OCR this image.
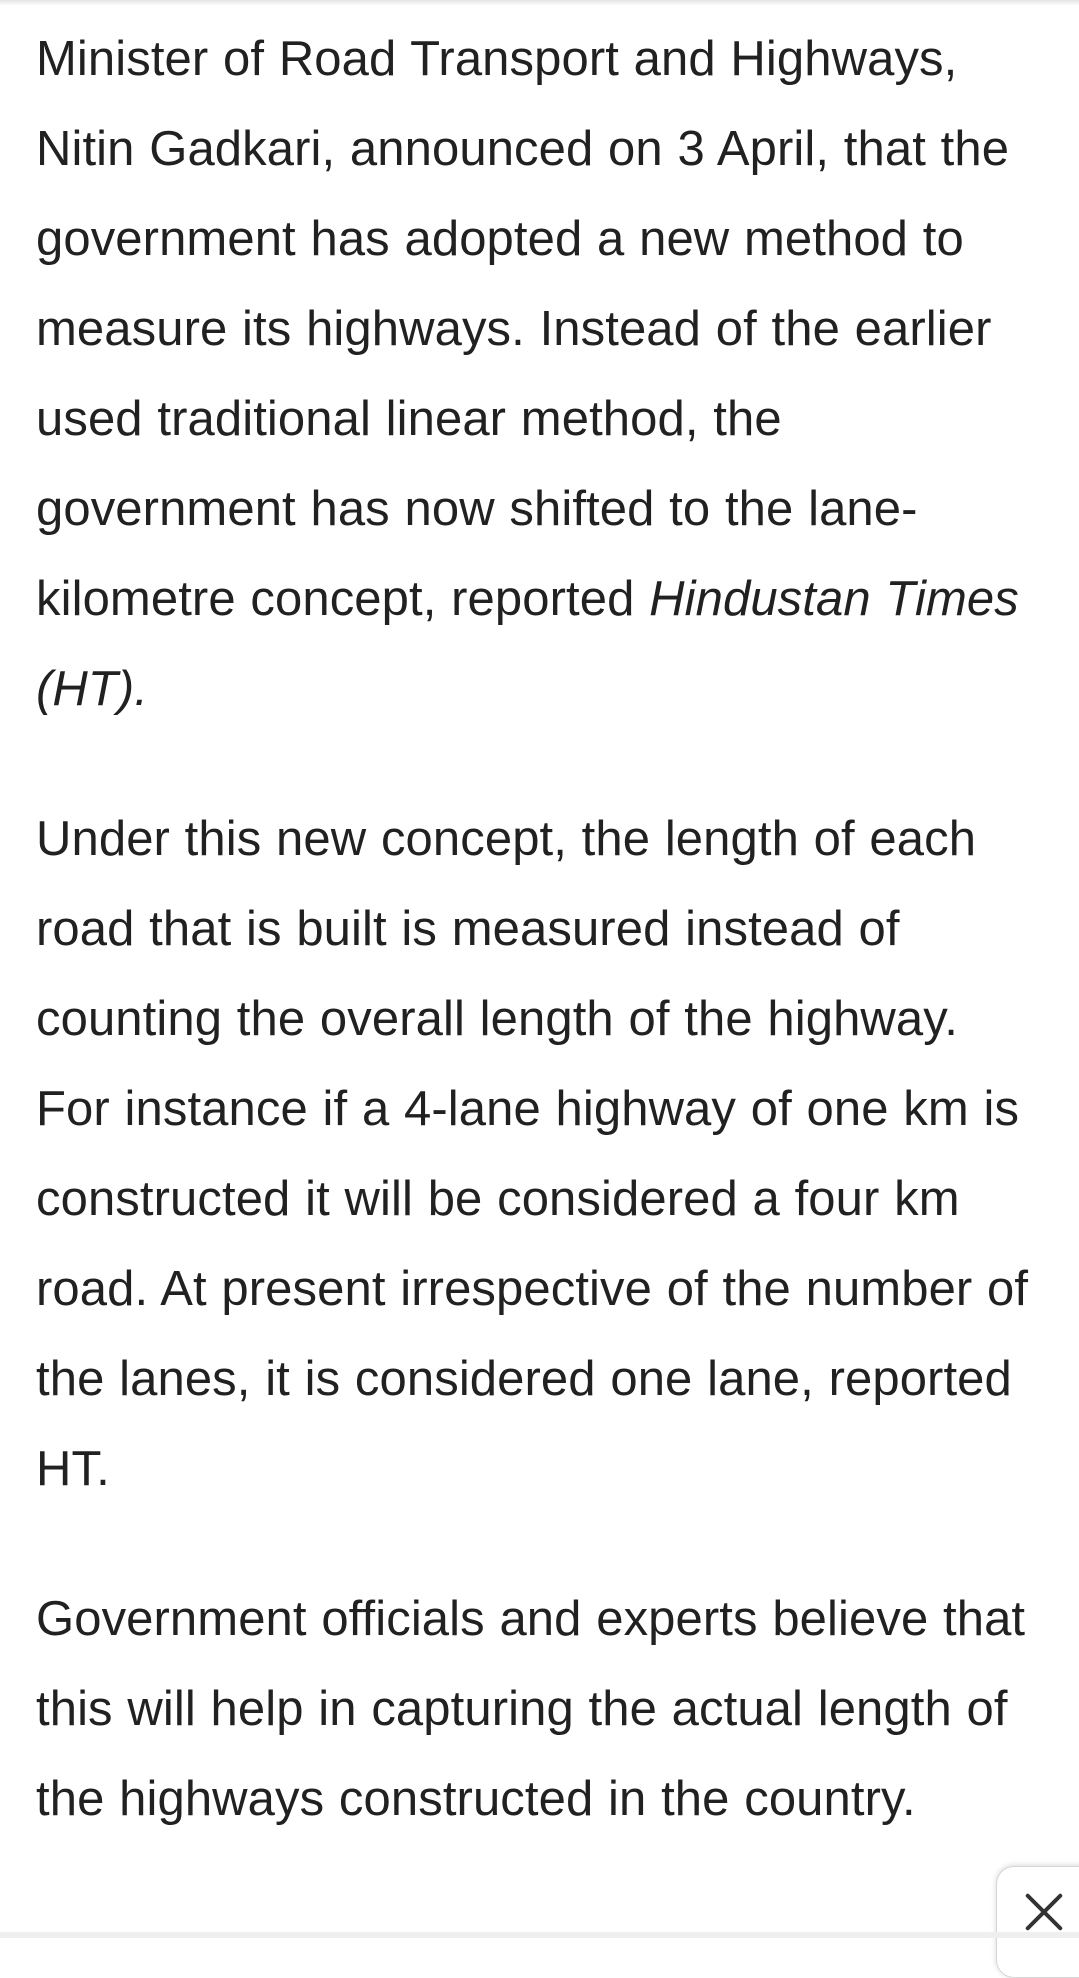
Minister of Road Transport and Highways, Nitin Gadkari, announced on 3 April, that the government has adopted a new method to measure its highways. Instead of the earlier used traditional linear method, the government has now shifted to the lane-kilometre concept, reported Hindustan Times (HT).

Under this new concept, the length of each road that is built is measured instead of counting the overall length of the highway. For instance if a 4-lane highway of one km is constructed it will be considered a four km road. At present irrespective of the number of the lanes, it is considered one lane, reported HT.

Government officials and experts believe that this will help in capturing the actual length of the highways constructed in the country.
